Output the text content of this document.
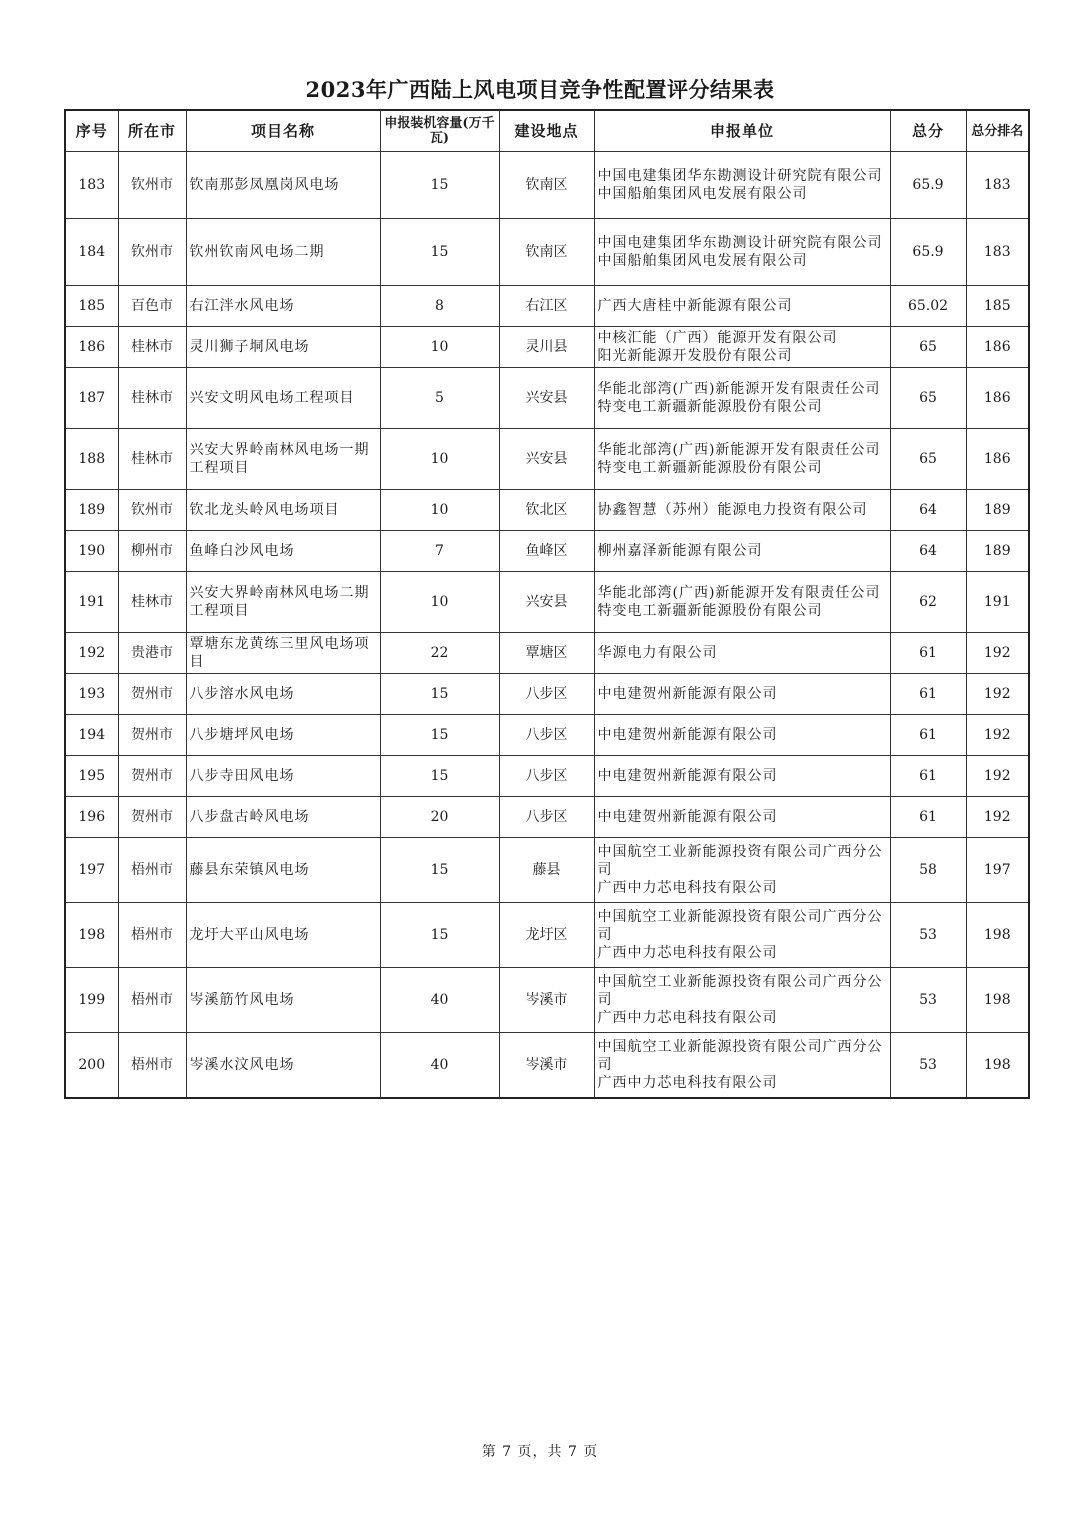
2023年广西陆上风电项目竞争性配置评分结果表
序号	所在市	项目名称	申报装机容量(万千瓦)	建设地点	申报单位	总分	总分排名
183	钦州市	钦南那彭凤凰岗风电场	15	钦南区	中国电建集团华东勘测设计研究院有限公司
中国船舶集团风电发展有限公司	65.9	183
184	钦州市	钦州钦南风电场二期	15	钦南区	中国电建集团华东勘测设计研究院有限公司
中国船舶集团风电发展有限公司	65.9	183
185	百色市	右江泮水风电场	8	右江区	广西大唐桂中新能源有限公司	65.02	185
186	桂林市	灵川狮子垌风电场	10	灵川县	中核汇能（广西）能源开发有限公司
阳光新能源开发股份有限公司	65	186
187	桂林市	兴安文明风电场工程项目	5	兴安县	华能北部湾(广西)新能源开发有限责任公司
特变电工新疆新能源股份有限公司	65	186
188	桂林市	兴安大界岭南林风电场一期工程项目	10	兴安县	华能北部湾(广西)新能源开发有限责任公司
特变电工新疆新能源股份有限公司	65	186
189	钦州市	钦北龙头岭风电场项目	10	钦北区	协鑫智慧（苏州）能源电力投资有限公司	64	189
190	柳州市	鱼峰白沙风电场	7	鱼峰区	柳州嘉泽新能源有限公司	64	189
191	桂林市	兴安大界岭南林风电场二期工程项目	10	兴安县	华能北部湾(广西)新能源开发有限责任公司
特变电工新疆新能源股份有限公司	62	191
192	贵港市	覃塘东龙黄练三里风电场项目	22	覃塘区	华源电力有限公司	61	192
193	贺州市	八步溶水风电场	15	八步区	中电建贺州新能源有限公司	61	192
194	贺州市	八步塘坪风电场	15	八步区	中电建贺州新能源有限公司	61	192
195	贺州市	八步寺田风电场	15	八步区	中电建贺州新能源有限公司	61	192
196	贺州市	八步盘古岭风电场	20	八步区	中电建贺州新能源有限公司	61	192
197	梧州市	藤县东荣镇风电场	15	藤县	中国航空工业新能源投资有限公司广西分公司
广西中力芯电科技有限公司	58	197
198	梧州市	龙圩大平山风电场	15	龙圩区	中国航空工业新能源投资有限公司广西分公司
广西中力芯电科技有限公司	53	198
199	梧州市	岑溪筋竹风电场	40	岑溪市	中国航空工业新能源投资有限公司广西分公司
广西中力芯电科技有限公司	53	198
200	梧州市	岑溪水汶风电场	40	岑溪市	中国航空工业新能源投资有限公司广西分公司
广西中力芯电科技有限公司	53	198
第 7 页，共 7 页
